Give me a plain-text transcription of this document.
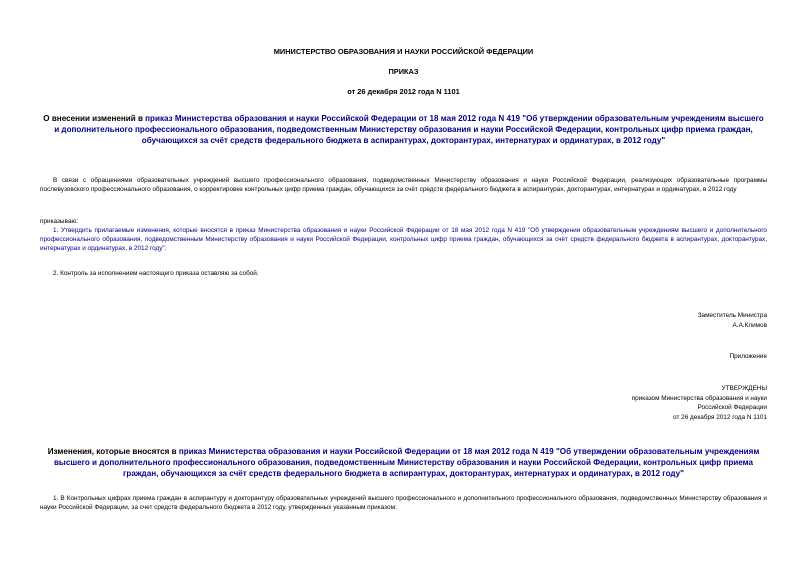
МИНИСТЕРСТВО ОБРАЗОВАНИЯ И НАУКИ РОССИЙСКОЙ ФЕДЕРАЦИИ
ПРИКАЗ
от 26 декабря 2012 года N 1101
О внесении изменений в приказ Министерства образования и науки Российской Федерации от 18 мая 2012 года N 419 "Об утверждении образовательным учреждениям высшего и дополнительного профессионального образования, подведомственным Министерству образования и науки Российской Федерации, контрольных цифр приема граждан, обучающихся за счёт средств федерального бюджета в аспирантурах, докторантурах, интернатурах и ординатурах, в 2012 году"
В связи с обращениями образовательных учреждений высшего профессионального образования, подведомственных Министерству образования и науки Российской Федерации, реализующих образовательные программы послевузовского профессионального образования, о корректировке контрольных цифр приема граждан, обучающихся за счёт средств федерального бюджета в аспирантурах, докторантурах, интернатурах и ординатурах, в 2012 году
приказываю:
1. Утвердить прилагаемые изменения, которые вносятся в приказ Министерства образования и науки Российской Федерации от 18 мая 2012 года N 419 "Об утверждении образовательным учреждениям высшего и дополнительного профессионального образования, подведомственным Министерству образования и науки Российской Федерации, контрольных цифр приема граждан, обучающихся за счёт средств федерального бюджета в аспирантурах, докторантурах, интернатурах и ординатурах, в 2012 году".
2. Контроль за исполнением настоящего приказа оставляю за собой.
Заместитель Министра
А.А.Климов
Приложение
УТВЕРЖДЕНЫ
приказом Министерства образования и науки
Российской Федерации
от 26 декабря 2012 года N 1101
Изменения, которые вносятся в приказ Министерства образования и науки Российской Федерации от 18 мая 2012 года N 419 "Об утверждении образовательным учреждениям высшего и дополнительного профессионального образования, подведомственным Министерству образования и науки Российской Федерации, контрольных цифр приема граждан, обучающихся за счёт средств федерального бюджета в аспирантурах, докторантурах, интернатурах и ординатурах, в 2012 году"
1. В Контрольных цифрах приема граждан в аспирантуру и докторантуру образовательных учреждений высшего профессионального и дополнительного профессионального образования, подведомственных Министерству образования и науки Российской Федерации, за счет средств федерального бюджета в 2012 году, утвержденных указанным приказом:
